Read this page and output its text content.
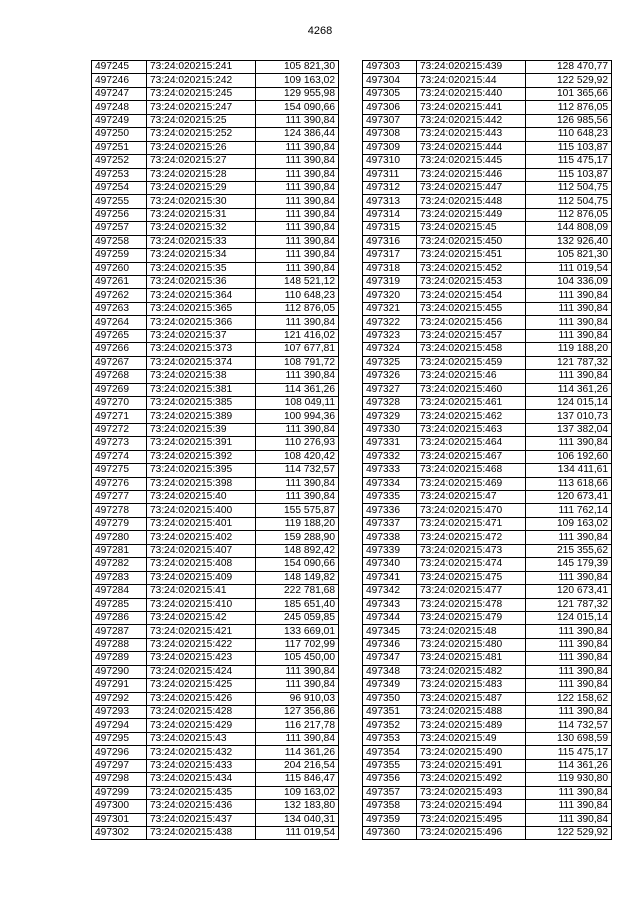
4268
497245	73:24:020215:241	105 821,30
497246	73:24:020215:242	109 163,02
497247	73:24:020215:245	129 955,98
497248	73:24:020215:247	154 090,66
497249	73:24:020215:25	111 390,84
497250	73:24:020215:252	124 386,44
497251	73:24:020215:26	111 390,84
497252	73:24:020215:27	111 390,84
497253	73:24:020215:28	111 390,84
497254	73:24:020215:29	111 390,84
497255	73:24:020215:30	111 390,84
497256	73:24:020215:31	111 390,84
497257	73:24:020215:32	111 390,84
497258	73:24:020215:33	111 390,84
497259	73:24:020215:34	111 390,84
497260	73:24:020215:35	111 390,84
497261	73:24:020215:36	148 521,12
497262	73:24:020215:364	110 648,23
497263	73:24:020215:365	112 876,05
497264	73:24:020215:366	111 390,84
497265	73:24:020215:37	121 416,02
497266	73:24:020215:373	107 677,81
497267	73:24:020215:374	108 791,72
497268	73:24:020215:38	111 390,84
497269	73:24:020215:381	114 361,26
497270	73:24:020215:385	108 049,11
497271	73:24:020215:389	100 994,36
497272	73:24:020215:39	111 390,84
497273	73:24:020215:391	110 276,93
497274	73:24:020215:392	108 420,42
497275	73:24:020215:395	114 732,57
497276	73:24:020215:398	111 390,84
497277	73:24:020215:40	111 390,84
497278	73:24:020215:400	155 575,87
497279	73:24:020215:401	119 188,20
497280	73:24:020215:402	159 288,90
497281	73:24:020215:407	148 892,42
497282	73:24:020215:408	154 090,66
497283	73:24:020215:409	148 149,82
497284	73:24:020215:41	222 781,68
497285	73:24:020215:410	185 651,40
497286	73:24:020215:42	245 059,85
497287	73:24:020215:421	133 669,01
497288	73:24:020215:422	117 702,99
497289	73:24:020215:423	105 450,00
497290	73:24:020215:424	111 390,84
497291	73:24:020215:425	111 390,84
497292	73:24:020215:426	96 910,03
497293	73:24:020215:428	127 356,86
497294	73:24:020215:429	116 217,78
497295	73:24:020215:43	111 390,84
497296	73:24:020215:432	114 361,26
497297	73:24:020215:433	204 216,54
497298	73:24:020215:434	115 846,47
497299	73:24:020215:435	109 163,02
497300	73:24:020215:436	132 183,80
497301	73:24:020215:437	134 040,31
497302	73:24:020215:438	111 019,54
497303	73:24:020215:439	128 470,77
497304	73:24:020215:44	122 529,92
497305	73:24:020215:440	101 365,66
497306	73:24:020215:441	112 876,05
497307	73:24:020215:442	126 985,56
497308	73:24:020215:443	110 648,23
497309	73:24:020215:444	115 103,87
497310	73:24:020215:445	115 475,17
497311	73:24:020215:446	115 103,87
497312	73:24:020215:447	112 504,75
497313	73:24:020215:448	112 504,75
497314	73:24:020215:449	112 876,05
497315	73:24:020215:45	144 808,09
497316	73:24:020215:450	132 926,40
497317	73:24:020215:451	105 821,30
497318	73:24:020215:452	111 019,54
497319	73:24:020215:453	104 336,09
497320	73:24:020215:454	111 390,84
497321	73:24:020215:455	111 390,84
497322	73:24:020215:456	111 390,84
497323	73:24:020215:457	111 390,84
497324	73:24:020215:458	119 188,20
497325	73:24:020215:459	121 787,32
497326	73:24:020215:46	111 390,84
497327	73:24:020215:460	114 361,26
497328	73:24:020215:461	124 015,14
497329	73:24:020215:462	137 010,73
497330	73:24:020215:463	137 382,04
497331	73:24:020215:464	111 390,84
497332	73:24:020215:467	106 192,60
497333	73:24:020215:468	134 411,61
497334	73:24:020215:469	113 618,66
497335	73:24:020215:47	120 673,41
497336	73:24:020215:470	111 762,14
497337	73:24:020215:471	109 163,02
497338	73:24:020215:472	111 390,84
497339	73:24:020215:473	215 355,62
497340	73:24:020215:474	145 179,39
497341	73:24:020215:475	111 390,84
497342	73:24:020215:477	120 673,41
497343	73:24:020215:478	121 787,32
497344	73:24:020215:479	124 015,14
497345	73:24:020215:48	111 390,84
497346	73:24:020215:480	111 390,84
497347	73:24:020215:481	111 390,84
497348	73:24:020215:482	111 390,84
497349	73:24:020215:483	111 390,84
497350	73:24:020215:487	122 158,62
497351	73:24:020215:488	111 390,84
497352	73:24:020215:489	114 732,57
497353	73:24:020215:49	130 698,59
497354	73:24:020215:490	115 475,17
497355	73:24:020215:491	114 361,26
497356	73:24:020215:492	119 930,80
497357	73:24:020215:493	111 390,84
497358	73:24:020215:494	111 390,84
497359	73:24:020215:495	111 390,84
497360	73:24:020215:496	122 529,92
